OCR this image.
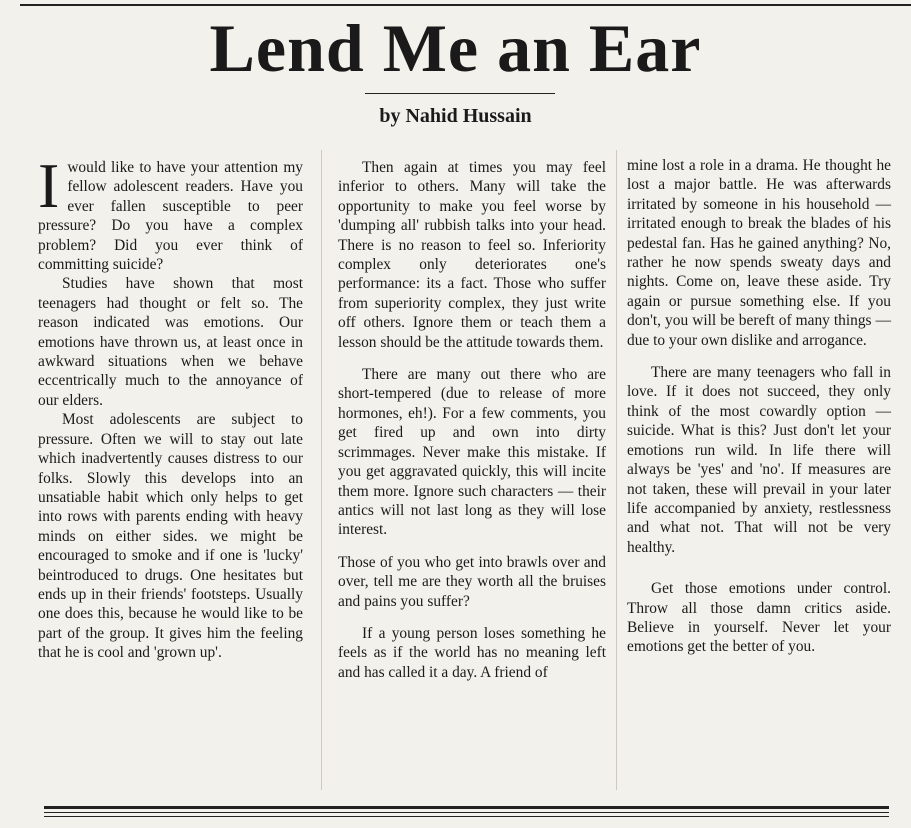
Lend Me an Ear
by Nahid Hussain

Iwould like to have your attention my fellow adolescent readers. Have you ever fallen susceptible to peer pressure? Do you have a complex problem? Did you ever think of committing suicide?

Studies have shown that most teenagers had thought or felt so. The reason indicated was emotions. Our emotions have thrown us, at least once in awkward situations when we behave eccentrically much to the annoyance of our elders.

Most adolescents are subject to pressure. Often we will to stay out late which inadvertently causes distress to our folks. Slowly this develops into an unsatiable habit which only helps to get into rows with parents ending with heavy minds on either sides. we might be encouraged to smoke and if one is 'lucky' beintroduced to drugs. One hesitates but ends up in their friends' footsteps. Usually one does this, because he would like to be part of the group. It gives him the feeling that he is cool and 'grown up'.

Then again at times you may feel inferior to others. Many will take the opportunity to make you feel worse by 'dumping all' rubbish talks into your head. There is no reason to feel so. Inferiority complex only deteriorates one's performance: its a fact. Those who suffer from superiority complex, they just write off others. Ignore them or teach them a lesson should be the attitude towards them.

There are many out there who are short-tempered (due to release of more hormones, eh!). For a few comments, you get fired up and own into dirty scrimmages. Never make this mistake. If you get aggravated quickly, this will incite them more. Ignore such characters — their antics will not last long as they will lose interest.

Those of you who get into brawls over and over, tell me are they worth all the bruises and pains you suffer?

If a young person loses something he feels as if the world has no meaning left and has called it a day. A friend of

mine lost a role in a drama. He thought he lost a major battle. He was afterwards irritated by someone in his household — irritated enough to break the blades of his pedestal fan. Has he gained anything? No, rather he now spends sweaty days and nights. Come on, leave these aside. Try again or pursue something else. If you don't, you will be bereft of many things — due to your own dislike and arrogance.

There are many teenagers who fall in love. If it does not succeed, they only think of the most cowardly option — suicide. What is this? Just don't let your emotions run wild. In life there will always be 'yes' and 'no'. If measures are not taken, these will prevail in your later life accompanied by anxiety, restlessness and what not. That will not be very healthy.

Get those emotions under control. Throw all those damn critics aside. Believe in yourself. Never let your emotions get the better of you.
